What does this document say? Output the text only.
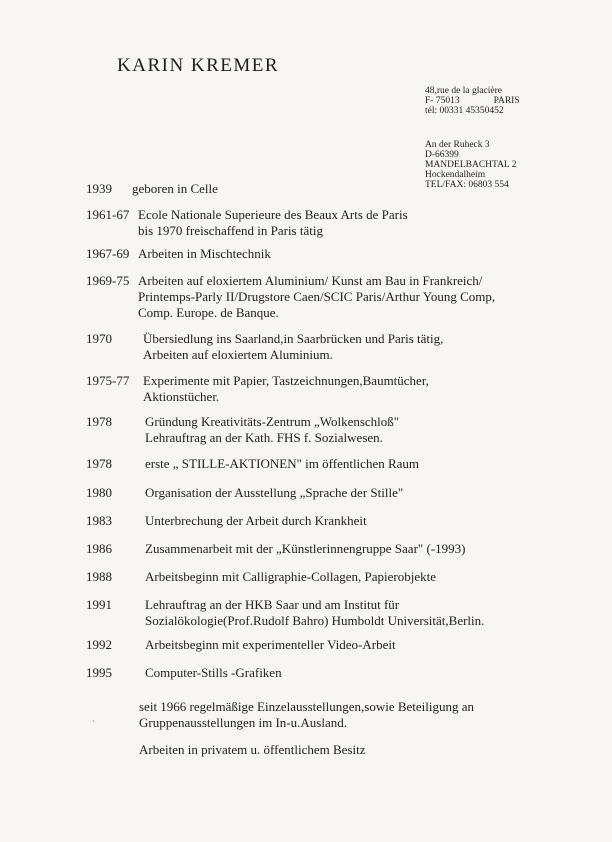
KARIN KREMER
48,rue de la glacière
F- 75013	PARIS
tél: 00331 45350452
An der Ruheck 3
D-66399
MANDELBACHTAL 2
Hockendalheim
TEL/FAX: 06803 554
1939 geboren in Celle
1961-67 Ecole Nationale Superieure des Beaux Arts de Paris
bis 1970 freischaffend in Paris tätig
1967-69 Arbeiten in Mischtechnik
1969-75 Arbeiten auf eloxiertem Aluminium/ Kunst am Bau in Frankreich/
Printemps-Parly II/Drugstore Caen/SCIC Paris/Arthur Young Comp,
Comp. Europe. de Banque.
1970 Übersiedlung ins Saarland,in Saarbrücken und Paris tätig,
Arbeiten auf eloxiertem Aluminium.
1975-77 Experimente mit Papier, Tastzeichnungen,Baumtücher,
Aktionstücher.
1978	Gründung Kreativitäts-Zentrum „Wolkenschloß"
Lehrauftrag an der Kath. FHS f. Sozialwesen.
1978	erste „ STILLE-AKTIONEN" im öffentlichen Raum
1980	Organisation der Ausstellung „Sprache der Stille"
1983	Unterbrechung der Arbeit durch Krankheit
1986	Zusammenarbeit mit der „Künstlerinnengruppe Saar" (-1993)
1988	Arbeitsbeginn mit Calligraphie-Collagen, Papierobjekte
1991	Lehrauftrag an der HKB Saar und am Institut für
Sozialökologie(Prof.Rudolf Bahro) Humboldt Universität,Berlin.
1992	Arbeitsbeginn mit experimenteller Video-Arbeit
1995	Computer-Stills -Grafiken
ˎ
seit 1966 regelmäßige Einzelausstellungen,sowie Beteiligung an
Gruppenausstellungen im In-u.Ausland.
Arbeiten in privatem u. öffentlichem Besitz
